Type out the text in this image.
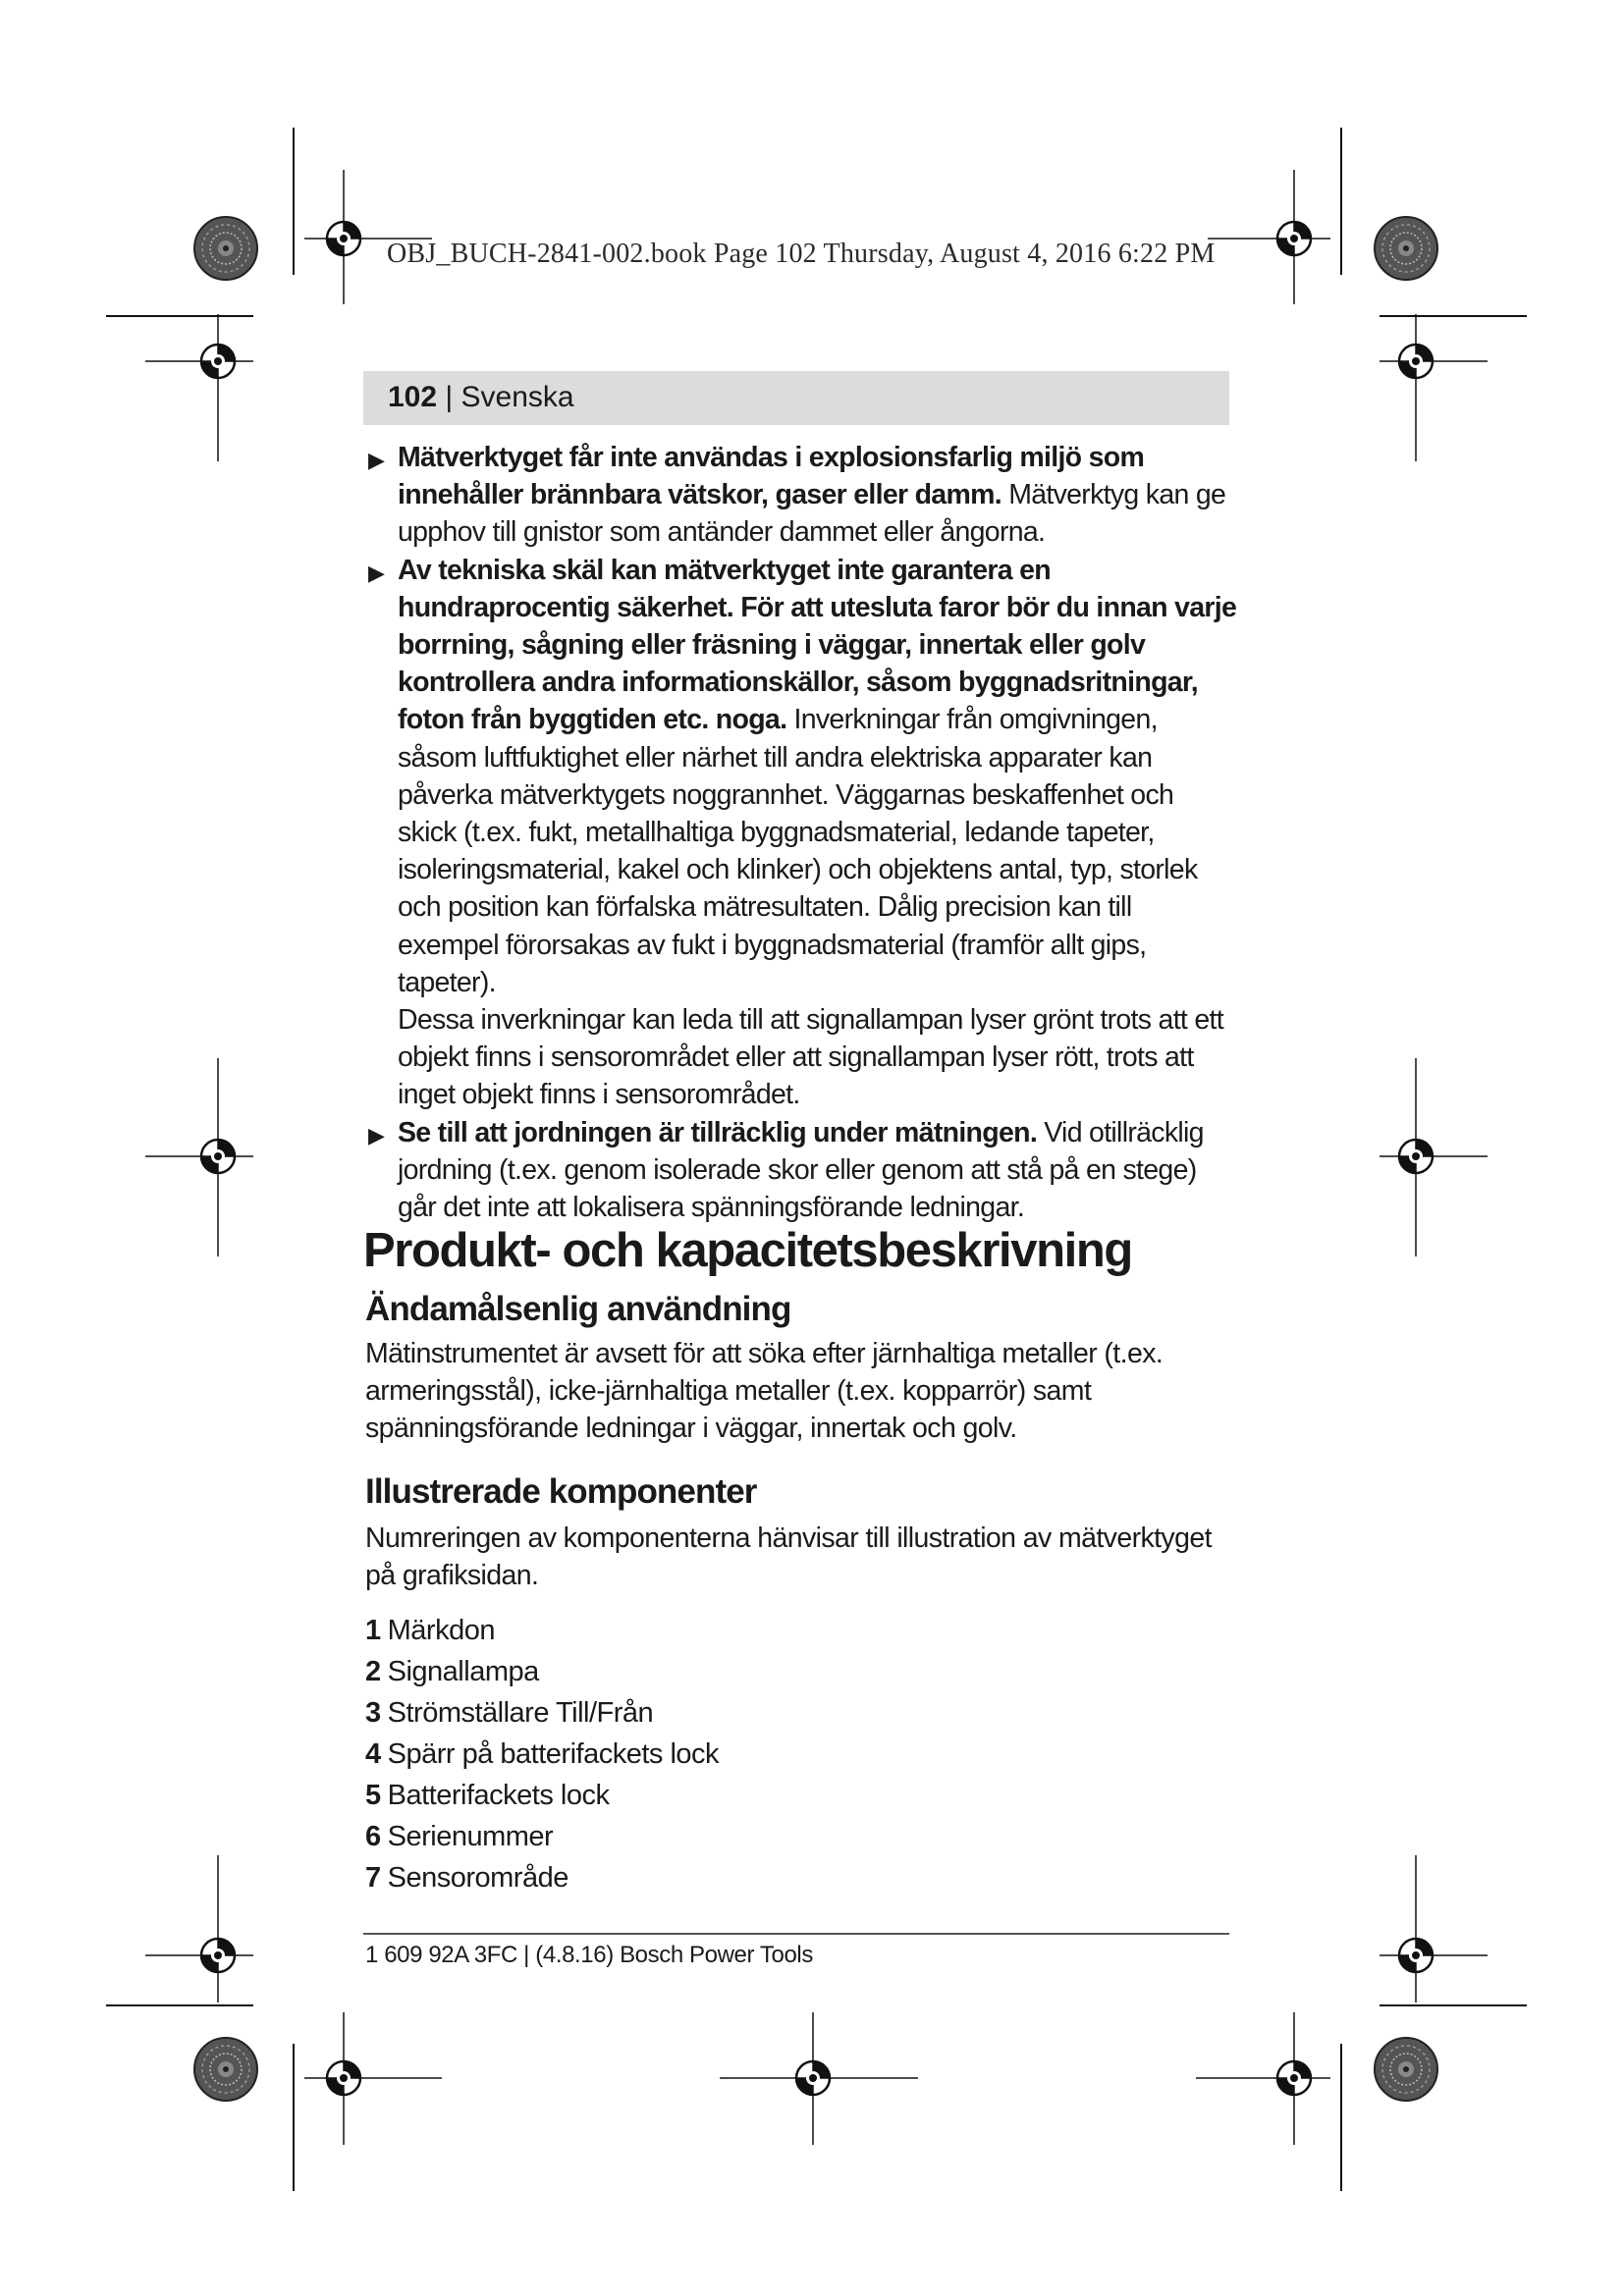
OBJ_BUCH-2841-002.book Page 102 Thursday, August 4, 2016 6:22 PM
102 | Svenska
▶ Mätverktyget får inte användas i explosionsfarlig miljö som innehåller brännbara vätskor, gaser eller damm. Mätverktyg kan ge upphov till gnistor som antänder dammet eller ångorna.
▶ Av tekniska skäl kan mätverktyget inte garantera en hundraprocentig säkerhet. För att utesluta faror bör du innan varje borrning, sågning eller fräsning i väggar, innertak eller golv kontrollera andra informationskällor, såsom byggnadsritningar, foton från byggtiden etc. noga. Inverkningar från omgivningen, såsom luftfuktighet eller närhet till andra elektriska apparater kan påverka mätverktygets noggrannhet. Väggarnas beskaffenhet och skick (t.ex. fukt, metallhaltiga byggnadsmaterial, ledande tapeter, isoleringsmaterial, kakel och klinker) och objektens antal, typ, storlek och position kan förfalska mätresultaten. Dålig precision kan till exempel förorsakas av fukt i byggnadsmaterial (framför allt gips, tapeter).
Dessa inverkningar kan leda till att signallampan lyser grönt trots att ett objekt finns i sensorområdet eller att signallampan lyser rött, trots att inget objekt finns i sensorområdet.
▶ Se till att jordningen är tillräcklig under mätningen. Vid otillräcklig jordning (t.ex. genom isolerade skor eller genom att stå på en stege) går det inte att lokalisera spänningsförande ledningar.
Produkt- och kapacitetsbeskrivning
Ändamålsenlig användning

Mätinstrumentet är avsett för att söka efter järnhaltiga metaller (t.ex. armeringsstål), icke-järnhaltiga metaller (t.ex. kopparrör) samt spänningsförande ledningar i väggar, innertak och golv.

Illustrerade komponenter

Numreringen av komponenterna hänvisar till illustration av mätverktyget på grafiksidan.

1 Märkdon
2 Signallampa
3 Strömställare Till/Från
4 Spärr på batterifackets lock
5 Batterifackets lock
6 Serienummer
7 Sensorområde
1 609 92A 3FC | (4.8.16) Bosch Power Tools
